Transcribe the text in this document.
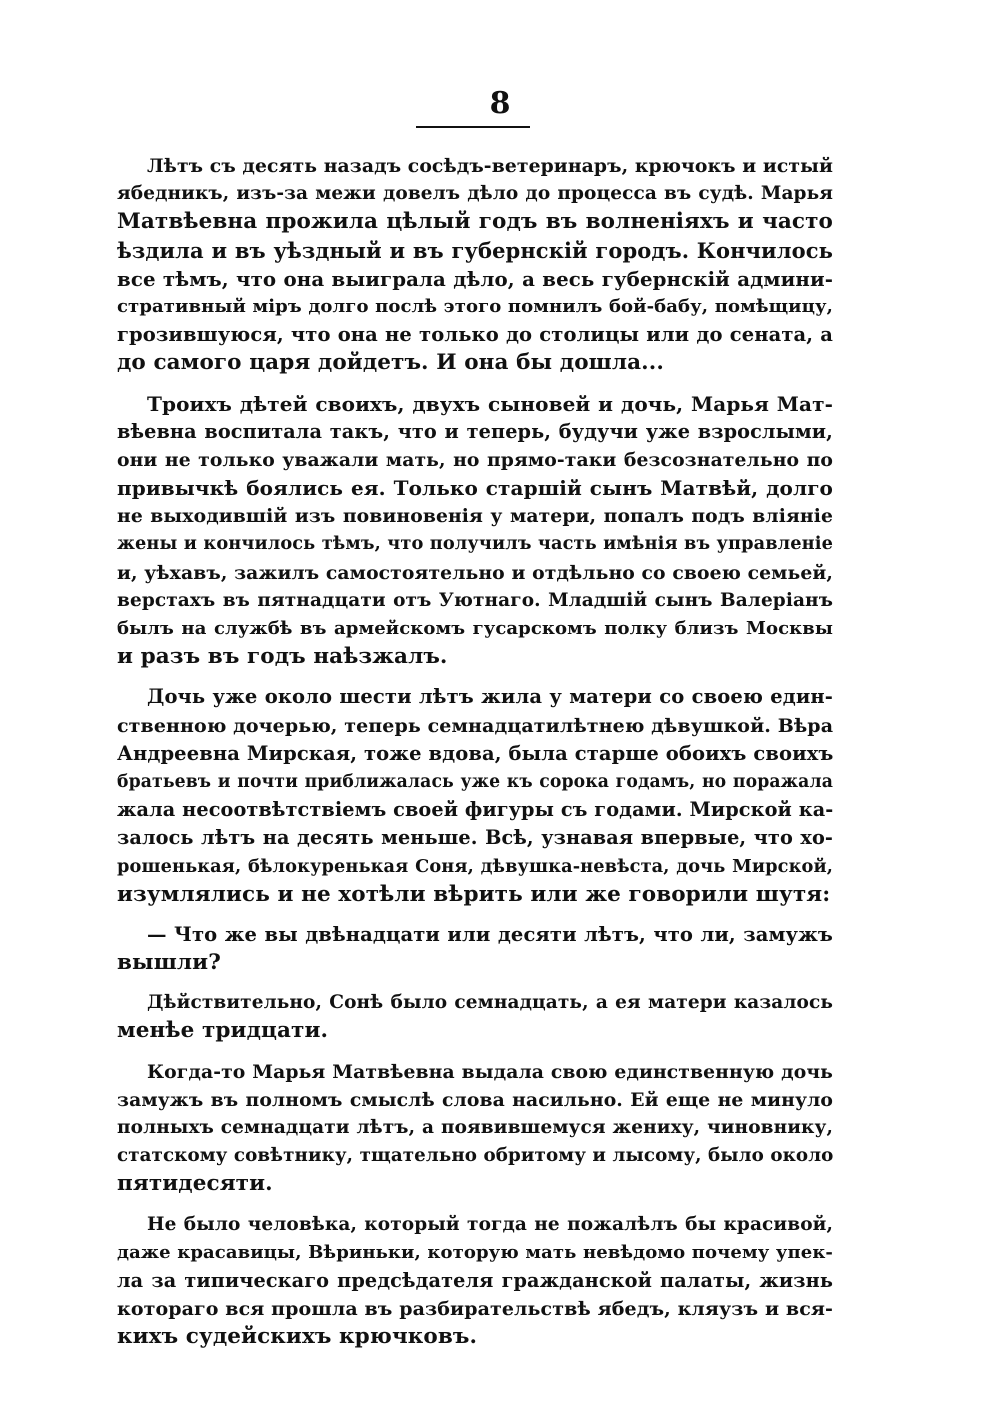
8
Лѣтъ съ десять назадъ сосѣдъ-ветеринаръ, крючокъ и истый
ябедникъ, изъ-за межи довелъ дѣло до процесса въ судѣ. Марья
Матвѣевна прожила цѣлый годъ въ волненіяхъ и часто
ѣздила и въ уѣздный и въ губернскій городъ. Кончилось
все тѣмъ, что она выиграла дѣло, а весь губернскій админи-
стративный міръ долго послѣ этого помнилъ бой-бабу, помѣщицу,
грозившуюся, что она не только до столицы или до сената, а
до самого царя дойдетъ. И она бы дошла...
Троихъ дѣтей своихъ, двухъ сыновей и дочь, Марья Мат-
вѣевна воспитала такъ, что и теперь, будучи уже взрослыми,
они не только уважали мать, но прямо-таки безсознательно по
привычкѣ боялись ея. Только старшій сынъ Матвѣй, долго
не выходившій изъ повиновенія у матери, попалъ подъ вліяніе
жены и кончилось тѣмъ, что получилъ часть имѣнія въ управленіе
и, уѣхавъ, зажилъ самостоятельно и отдѣльно со своею семьей,
верстахъ въ пятнадцати отъ Уютнаго. Младшій сынъ Валеріанъ
былъ на службѣ въ армейскомъ гусарскомъ полку близъ Москвы
и разъ въ годъ наѣзжалъ.
Дочь уже около шести лѣтъ жила у матери со своею един-
ственною дочерью, теперь семнадцатилѣтнею дѣвушкой. Вѣра
Андреевна Мирская, тоже вдова, была старше обоихъ своихъ
братьевъ и почти приближалась уже къ сорока годамъ, но поражала
жала несоотвѣтствіемъ своей фигуры съ годами. Мирской ка-
залось лѣтъ на десять меньше. Всѣ, узнавая впервые, что хо-
рошенькая, бѣлокуренькая Соня, дѣвушка-невѣста, дочь Мирской,
изумлялись и не хотѣли вѣрить или же говорили шутя:
— Что же вы двѣнадцати или десяти лѣтъ, что ли, замужъ
вышли?
Дѣйствительно, Сонѣ было семнадцать, а ея матери казалось
менѣе тридцати.
Когда-то Марья Матвѣевна выдала свою единственную дочь
замужъ въ полномъ смыслѣ слова насильно. Ей еще не минуло
полныхъ семнадцати лѣтъ, а появившемуся жениху, чиновнику,
статскому совѣтнику, тщательно обритому и лысому, было около
пятидесяти.
Не было человѣка, который тогда не пожалѣлъ бы красивой,
даже красавицы, Вѣриньки, которую мать невѣдомо почему упек-
ла за типическаго предсѣдателя гражданской палаты, жизнь
котораго вся прошла въ разбирательствѣ ябедъ, кляузъ и вся-
кихъ судейскихъ крючковъ.
